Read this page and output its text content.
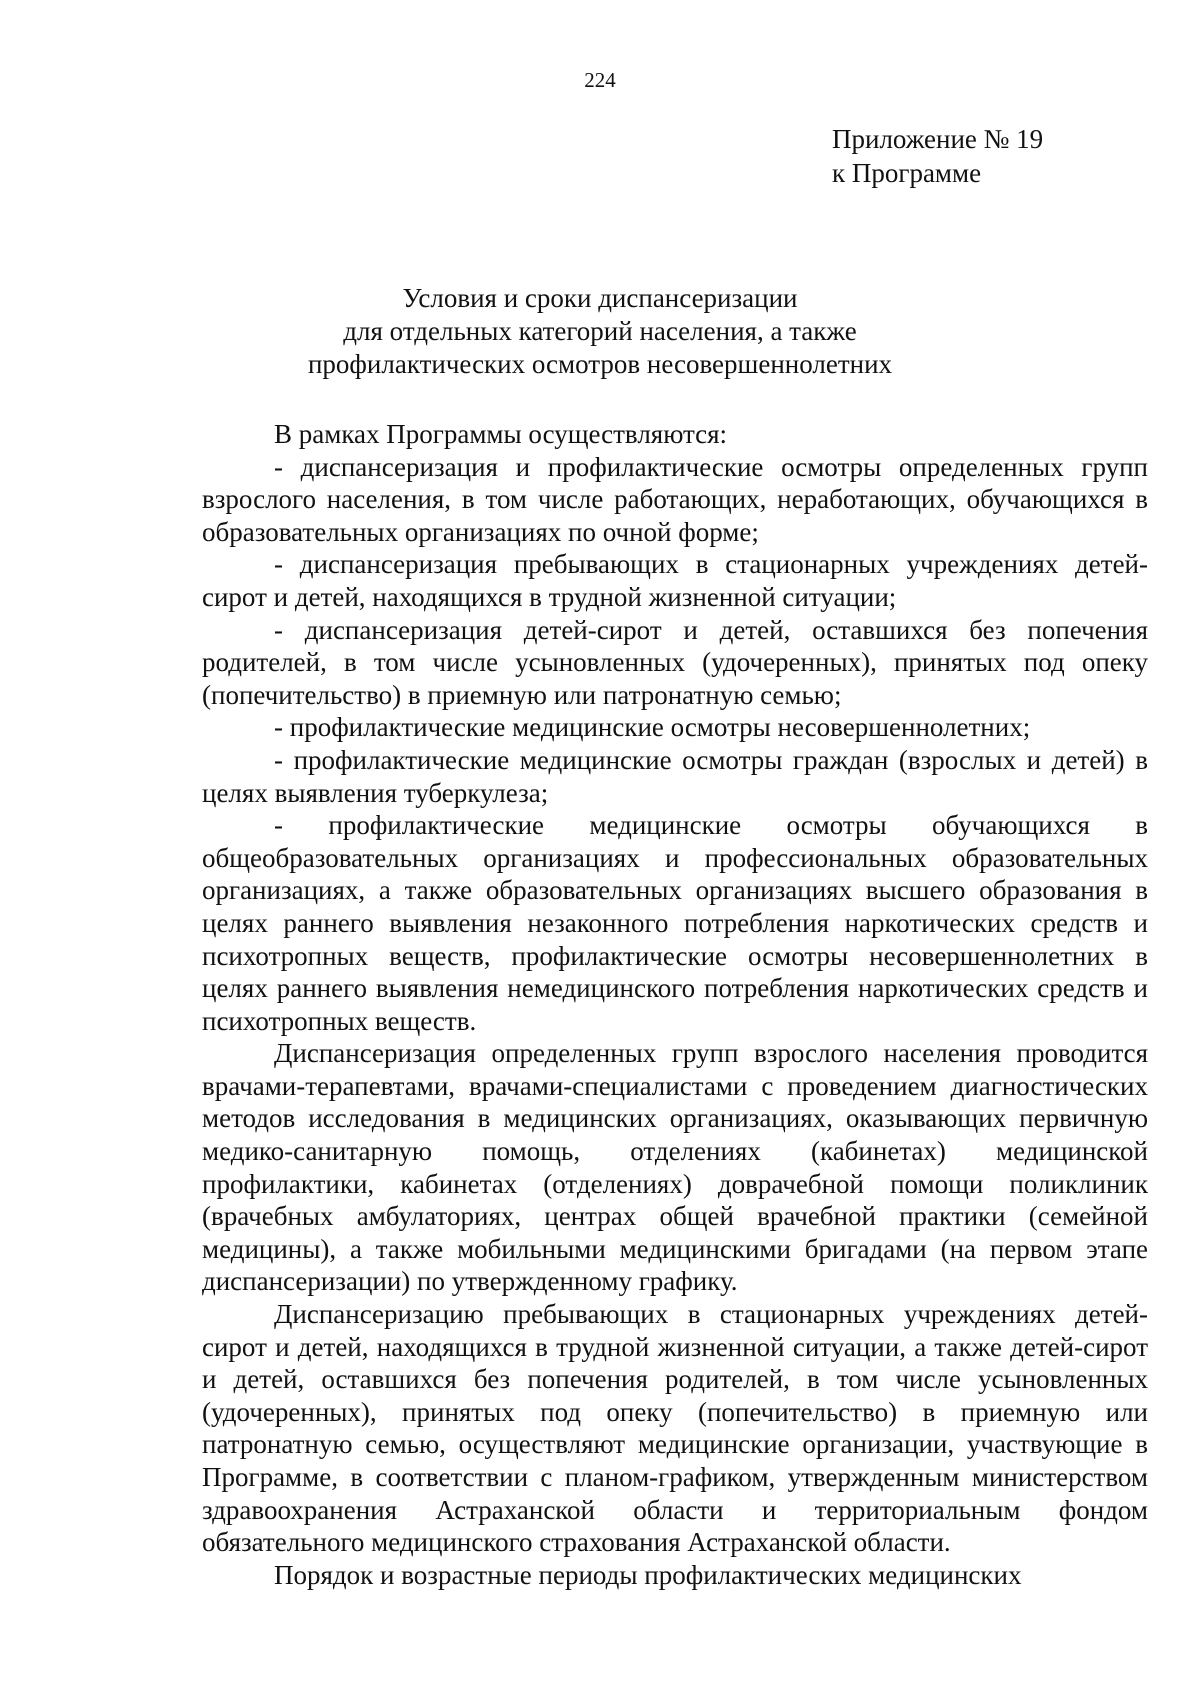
224
Приложение № 19
к Программе
Условия и сроки диспансеризации
для отдельных категорий населения, а также
профилактических осмотров несовершеннолетних

В рамках Программы осуществляются:

- диспансеризация и профилактические осмотры определенных групп взрослого населения, в том числе работающих, неработающих, обучающихся в образовательных организациях по очной форме;

- диспансеризация пребывающих в стационарных учреждениях детей-сирот и детей, находящихся в трудной жизненной ситуации;

- диспансеризация детей-сирот и детей, оставшихся без попечения родителей, в том числе усыновленных (удочеренных), принятых под опеку (попечительство) в приемную или патронатную семью;

- профилактические медицинские осмотры несовершеннолетних;

- профилактические медицинские осмотры граждан (взрослых и детей) в целях выявления туберкулеза;

- профилактические медицинские осмотры обучающихся в общеобразовательных организациях и профессиональных образовательных организациях, а также образовательных организациях высшего образования в целях раннего выявления незаконного потребления наркотических средств и психотропных веществ, профилактические осмотры несовершеннолетних в целях раннего выявления немедицинского потребления наркотических средств и психотропных веществ.

Диспансеризация определенных групп взрослого населения проводится врачами-терапевтами, врачами-специалистами с проведением диагностических методов исследования в медицинских организациях, оказывающих первичную медико-санитарную помощь, отделениях (кабинетах) медицинской профилактики, кабинетах (отделениях) доврачебной помощи поликлиник (врачебных амбулаториях, центрах общей врачебной практики (семейной медицины), а также мобильными медицинскими бригадами (на первом этапе диспансеризации) по утвержденному графику.

Диспансеризацию пребывающих в стационарных учреждениях детей-сирот и детей, находящихся в трудной жизненной ситуации, а также детей-сирот и детей, оставшихся без попечения родителей, в том числе усыновленных (удочеренных), принятых под опеку (попечительство) в приемную или патронатную семью, осуществляют медицинские организации, участвующие в Программе, в соответствии с планом-графиком, утвержденным министерством здравоохранения Астраханской области и территориальным фондом обязательного медицинского страхования Астраханской области.

Порядок и возрастные периоды профилактических медицинских
